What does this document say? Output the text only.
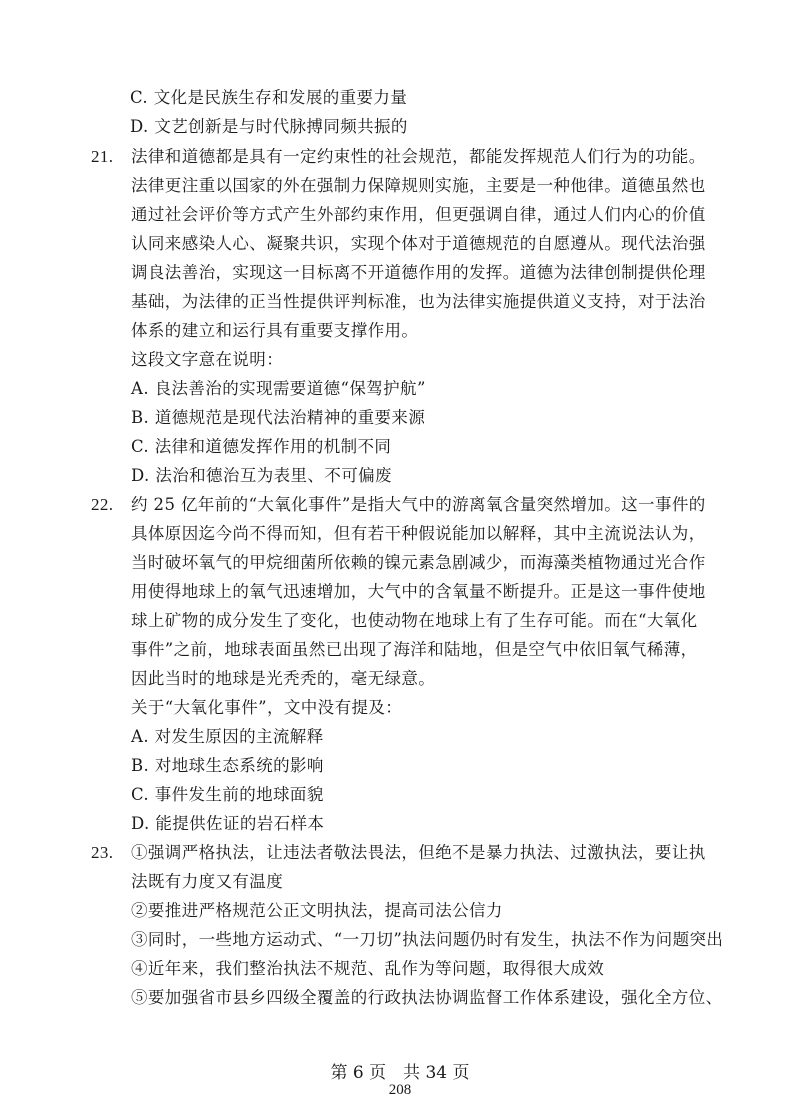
C. 文化是民族生存和发展的重要力量
D. 文艺创新是与时代脉搏同频共振的
21. 法律和道德都是具有一定约束性的社会规范，都能发挥规范人们行为的功能。
法律更注重以国家的外在强制力保障规则实施，主要是一种他律。道德虽然也
通过社会评价等方式产生外部约束作用，但更强调自律，通过人们内心的价值
认同来感染人心、凝聚共识，实现个体对于道德规范的自愿遵从。现代法治强
调良法善治，实现这一目标离不开道德作用的发挥。道德为法律创制提供伦理
基础，为法律的正当性提供评判标准，也为法律实施提供道义支持，对于法治
体系的建立和运行具有重要支撑作用。
这段文字意在说明：
A. 良法善治的实现需要道德“保驾护航”
B. 道德规范是现代法治精神的重要来源
C. 法律和道德发挥作用的机制不同
D. 法治和德治互为表里、不可偏废
22. 约 25 亿年前的“大氧化事件”是指大气中的游离氧含量突然增加。这一事件的
具体原因迄今尚不得而知，但有若干种假说能加以解释，其中主流说法认为，
当时破坏氧气的甲烷细菌所依赖的镍元素急剧减少，而海藻类植物通过光合作
用使得地球上的氧气迅速增加，大气中的含氧量不断提升。正是这一事件使地
球上矿物的成分发生了变化，也使动物在地球上有了生存可能。而在“大氧化
事件”之前，地球表面虽然已出现了海洋和陆地，但是空气中依旧氧气稀薄，
因此当时的地球是光秃秃的，毫无绿意。
关于“大氧化事件”，文中没有提及：
A. 对发生原因的主流解释
B. 对地球生态系统的影响
C. 事件发生前的地球面貌
D. 能提供佐证的岩石样本
23. ①强调严格执法，让违法者敬法畏法，但绝不是暴力执法、过激执法，要让执
法既有力度又有温度
②要推进严格规范公正文明执法，提高司法公信力
③同时，一些地方运动式、“一刀切”执法问题仍时有发生，执法不作为问题突出
④近年来，我们整治执法不规范、乱作为等问题，取得很大成效
⑤要加强省市县乡四级全覆盖的行政执法协调监督工作体系建设，强化全方位、
第 6 页　共 34 页
208
